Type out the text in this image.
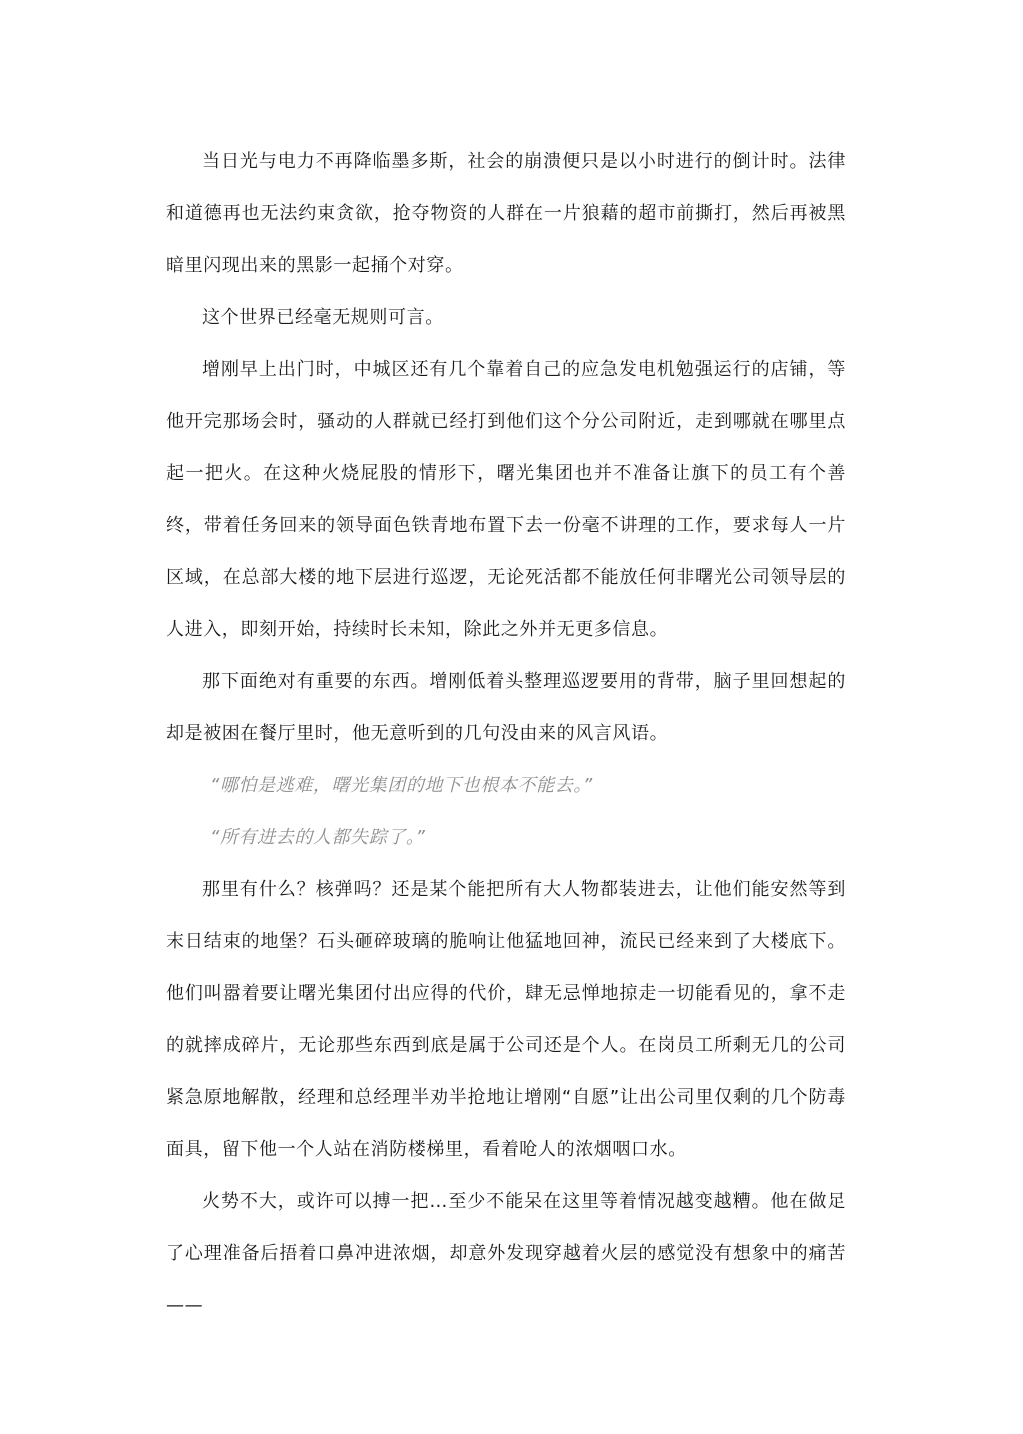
当日光与电力不再降临墨多斯，社会的崩溃便只是以小时进行的倒计时。法律和道德再也无法约束贪欲，抢夺物资的人群在一片狼藉的超市前撕打，然后再被黑暗里闪现出来的黑影一起捅个对穿。

这个世界已经毫无规则可言。

增刚早上出门时，中城区还有几个靠着自己的应急发电机勉强运行的店铺，等他开完那场会时，骚动的人群就已经打到他们这个分公司附近，走到哪就在哪里点起一把火。在这种火烧屁股的情形下，曙光集团也并不准备让旗下的员工有个善终，带着任务回来的领导面色铁青地布置下去一份毫不讲理的工作，要求每人一片区域，在总部大楼的地下层进行巡逻，无论死活都不能放任何非曙光公司领导层的人进入，即刻开始，持续时长未知，除此之外并无更多信息。

那下面绝对有重要的东西。增刚低着头整理巡逻要用的背带，脑子里回想起的却是被困在餐厅里时，他无意听到的几句没由来的风言风语。

“哪怕是逃难，曙光集团的地下也根本不能去。”

“所有进去的人都失踪了。”

那里有什么？核弹吗？还是某个能把所有大人物都装进去，让他们能安然等到末日结束的地堡？石头砸碎玻璃的脆响让他猛地回神，流民已经来到了大楼底下。他们叫嚣着要让曙光集团付出应得的代价，肆无忌惮地掠走一切能看见的，拿不走的就摔成碎片，无论那些东西到底是属于公司还是个人。在岗员工所剩无几的公司紧急原地解散，经理和总经理半劝半抢地让增刚“自愿”让出公司里仅剩的几个防毒面具，留下他一个人站在消防楼梯里，看着呛人的浓烟咽口水。

火势不大，或许可以搏一把…至少不能呆在这里等着情况越变越糟。他在做足了心理准备后捂着口鼻冲进浓烟，却意外发现穿越着火层的感觉没有想象中的痛苦——
